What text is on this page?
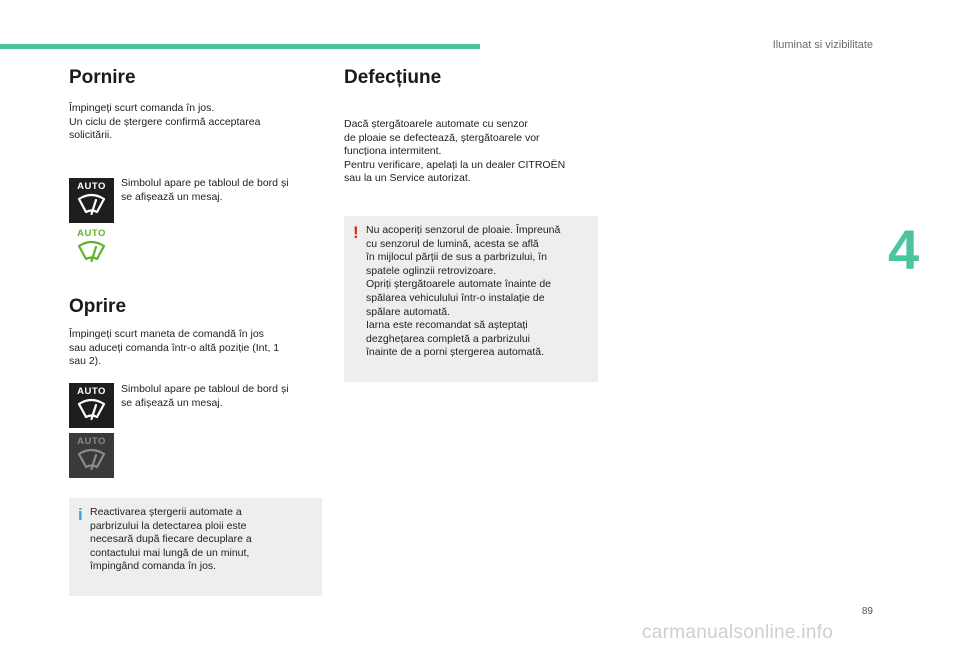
Iluminat si vizibilitate
4
Pornire
Împingeți scurt comanda în jos.
Un ciclu de ștergere confirmă acceptarea
solicitării.
AUTO	Simbolul apare pe tabloul de bord și
se afișează un mesaj.
AUTO
Oprire
Împingeți scurt maneta de comandă în jos
sau aduceți comanda într-o altă poziție (Int, 1
sau 2).
AUTO	Simbolul apare pe tabloul de bord și
se afișează un mesaj.
AUTO
i Reactivarea ștergerii automate a
parbrizului la detectarea ploii este
necesară după fiecare decuplare a
contactului mai lungă de un minut,
împingând comanda în jos.
Defecțiune
Dacă ștergătoarele automate cu senzor
de ploaie se defectează, ștergătoarele vor
funcționa intermitent.
Pentru verificare, apelați la un dealer CITROËN
sau la un Service autorizat.
! Nu acoperiți senzorul de ploaie. Împreună
cu senzorul de lumină, acesta se află
în mijlocul părții de sus a parbrizului, în
spatele oglinzii retrovizoare.
Opriți ștergătoarele automate înainte de
spălarea vehiculului într-o instalație de
spălare automată.
Iarna este recomandat să așteptați
dezghețarea completă a parbrizului
înainte de a porni ștergerea automată.
89
carmanualsonline.info
